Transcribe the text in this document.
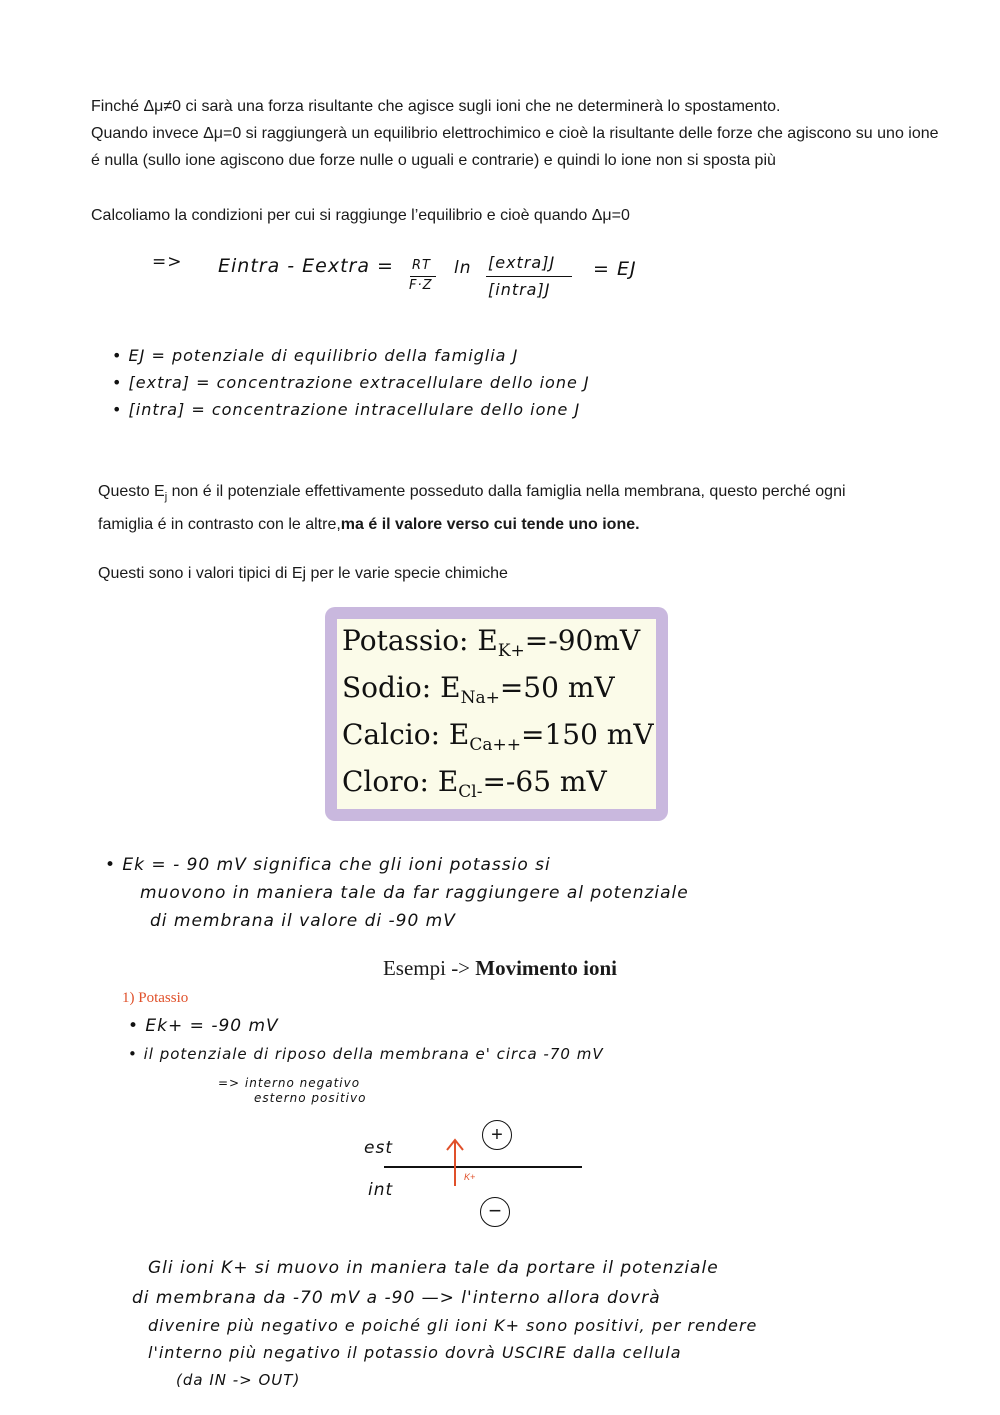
Finché Δμ≠0 ci sarà una forza risultante che agisce sugli ioni che ne determinerà lo spostamento.

Quando invece Δμ=0 si raggiungerà un equilibrio elettrochimico e cioè la risultante delle forze che agiscono su uno ione é nulla (sullo ione agiscono due forze nulle o uguali e contrarie) e quindi lo ione non si sposta più

Calcoliamo la condizioni per cui si raggiunge l’equilibrio e cioè quando Δμ=0

=> Eintra - Eextra = RT
F·Z
ln [extra]J
[intra]J
= EJ
• EJ = potenziale di equilibrio della famiglia J
• [extra] = concentrazione extracellulare dello ione J
• [intra] = concentrazione intracellulare dello ione J

Questo $E_j$ non é il potenziale effettivamente posseduto dalla famiglia nella membrana, questo perché ogni famiglia é in contrasto con le altre,ma é il valore verso cui tende uno ione.

Questi sono i valori tipici di Ej per le varie specie chimiche

Potassio: $E_{K+}=-90mV$
Sodio: $E_{Na+}=50$ mV
Calcio: $E_{Ca++}=150$ mV
Cloro: $E_{Cl-}=-65$ mV
• Ek = - 90 mV significa che gli ioni potassio si
muovono in maniera tale da far raggiungere al potenziale
di membrana il valore di -90 mV
Esempi -> Movimento ioni
1) Potassio
• Ek+ = -90 mV
• il potenziale di riposo della membrana e' circa -70 mV
=> interno negativo
esterno positivo
est
int
+
−
K+
Gli ioni K+ si muovo in maniera tale da portare il potenziale
di membrana da -70 mV a -90 —> l'interno allora dovrà
divenire più negativo e poiché gli ioni K+ sono positivi, per rendere
l'interno più negativo il potassio dovrà USCIRE dalla cellula
(da IN -> OUT)
